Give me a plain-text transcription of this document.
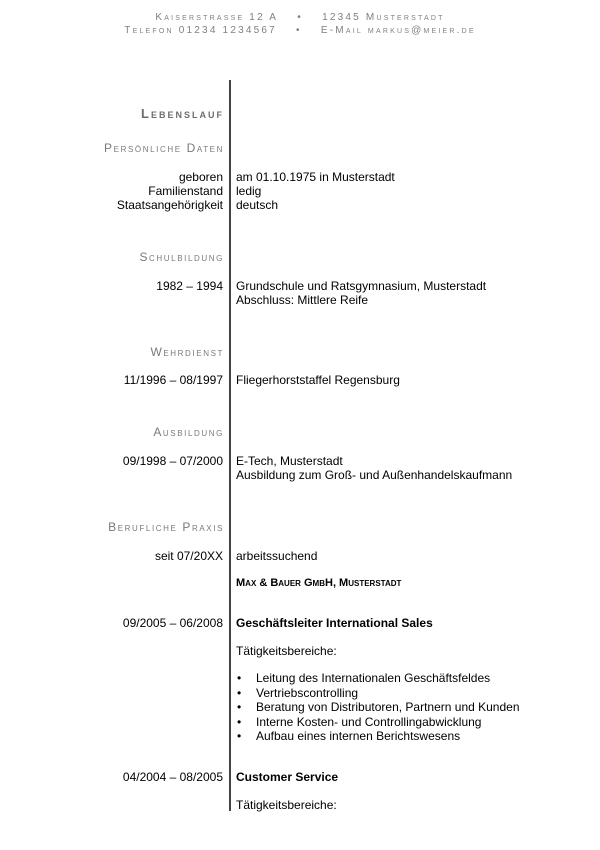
Kaiserstrasse 12 A • 12345 Musterstadt
Telefon 01234 1234567 • E-Mail markus@meier.de
Lebenslauf
Persönliche Daten
geboren am 01.10.1975 in Musterstadt
Familienstand ledig
Staatsangehörigkeit deutsch
Schulbildung
1982 – 1994 Grundschule und Ratsgymnasium, Musterstadt
Abschluss: Mittlere Reife
Wehrdienst
11/1996 – 08/1997 Fliegerhorststaffel Regensburg
Ausbildung
09/1998 – 07/2000 E-Tech, Musterstadt
Ausbildung zum Groß- und Außenhandelskaufmann
Berufliche Praxis
seit 07/20XX arbeitssuchend
Max & Bauer GmbH, Musterstadt
09/2005 – 06/2008 Geschäftsleiter International Sales
Tätigkeitsbereiche:
• Leitung des Internationalen Geschäftsfeldes
• Vertriebscontrolling
• Beratung von Distributoren, Partnern und Kunden
• Interne Kosten- und Controllingabwicklung
• Aufbau eines internen Berichtswesens
04/2004 – 08/2005 Customer Service
Tätigkeitsbereiche:
